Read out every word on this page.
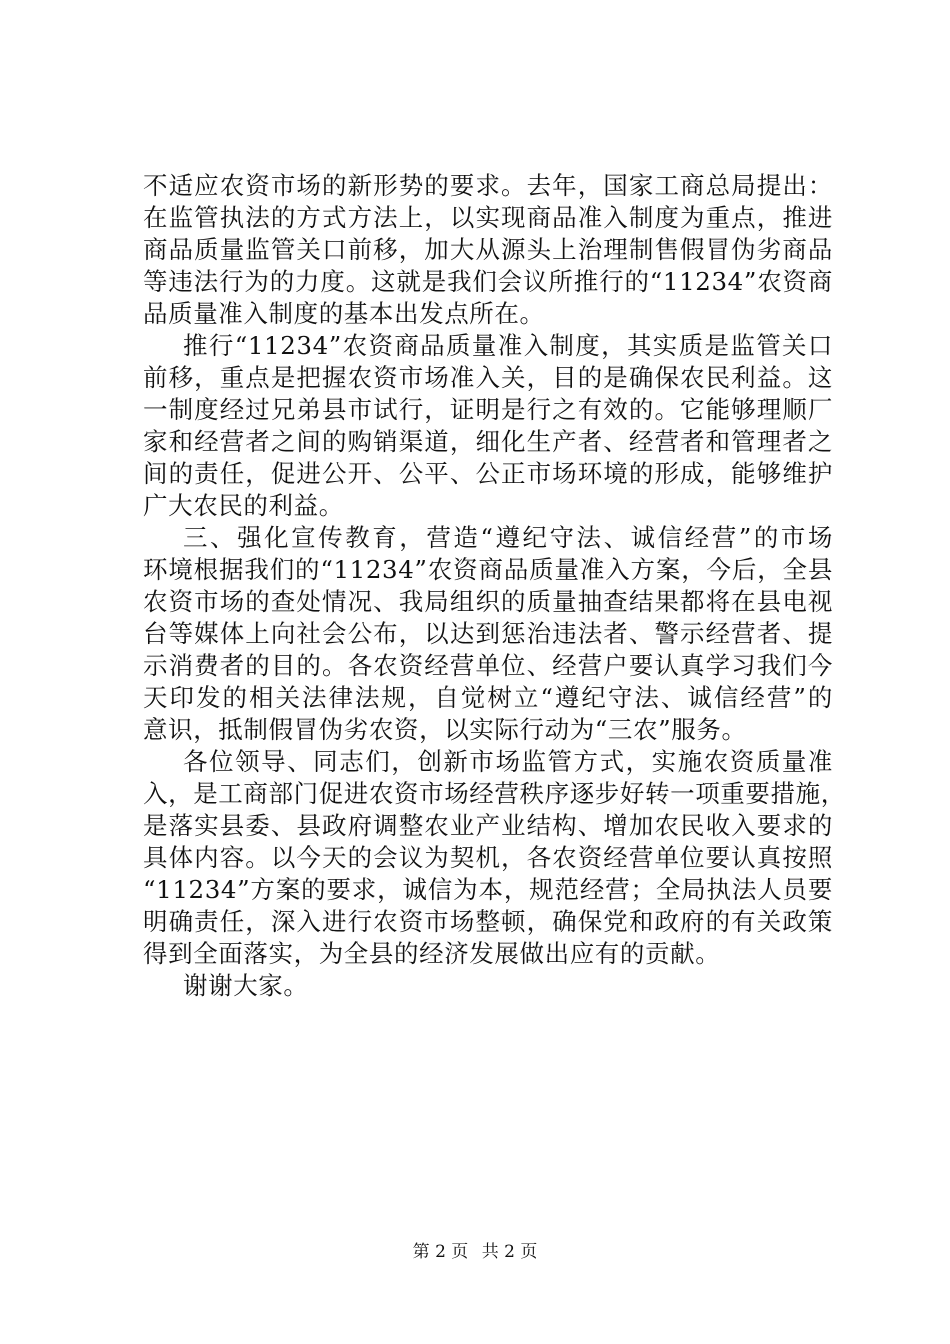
不适应农资市场的新形势的要求。去年，国家工商总局提出：
在监管执法的方式方法上，以实现商品准入制度为重点，推进
商品质量监管关口前移，加大从源头上治理制售假冒伪劣商品
等违法行为的力度。这就是我们会议所推行的“11234”农资商
品质量准入制度的基本出发点所在。
推行“11234”农资商品质量准入制度，其实质是监管关口
前移，重点是把握农资市场准入关，目的是确保农民利益。这
一制度经过兄弟县市试行，证明是行之有效的。它能够理顺厂
家和经营者之间的购销渠道，细化生产者、经营者和管理者之
间的责任，促进公开、公平、公正市场环境的形成，能够维护
广大农民的利益。
三、强化宣传教育，营造“遵纪守法、诚信经营”的市场
环境根据我们的“11234”农资商品质量准入方案，今后，全县
农资市场的查处情况、我局组织的质量抽查结果都将在县电视
台等媒体上向社会公布，以达到惩治违法者、警示经营者、提
示消费者的目的。各农资经营单位、经营户要认真学习我们今
天印发的相关法律法规，自觉树立“遵纪守法、诚信经营”的
意识，抵制假冒伪劣农资，以实际行动为“三农”服务。
各位领导、同志们，创新市场监管方式，实施农资质量准
入，是工商部门促进农资市场经营秩序逐步好转一项重要措施，
是落实县委、县政府调整农业产业结构、增加农民收入要求的
具体内容。以今天的会议为契机，各农资经营单位要认真按照
“11234”方案的要求，诚信为本，规范经营；全局执法人员要
明确责任，深入进行农资市场整顿，确保党和政府的有关政策
得到全面落实，为全县的经济发展做出应有的贡献。
谢谢大家。
第 2 页 共 2 页
